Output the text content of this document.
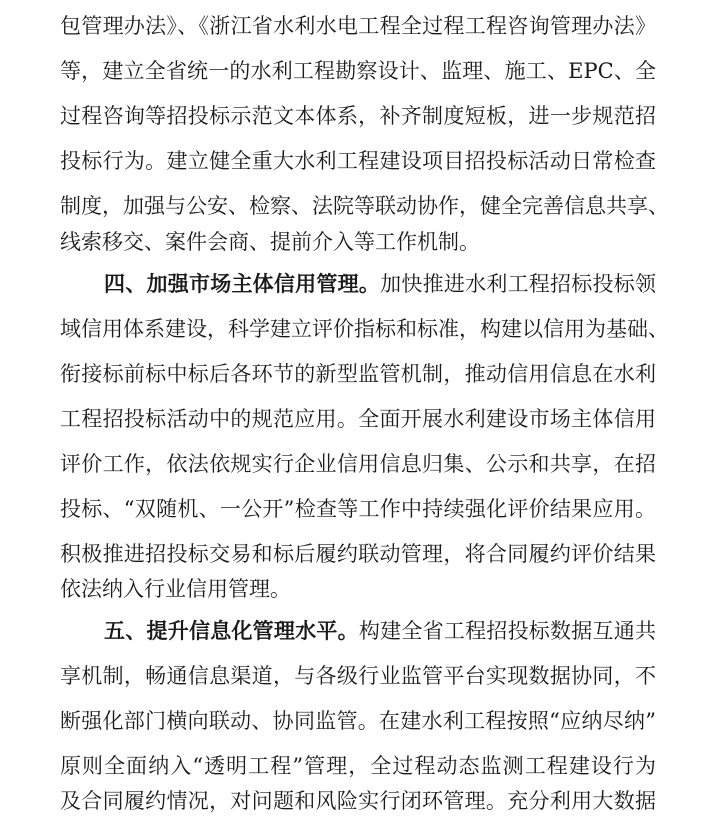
包管理办法》、《浙江省水利水电工程全过程工程咨询管理办法》
等，建立全省统一的水利工程勘察设计、监理、施工、EPC、全
过程咨询等招投标示范文本体系，补齐制度短板，进一步规范招
投标行为。建立健全重大水利工程建设项目招投标活动日常检查
制度，加强与公安、检察、法院等联动协作，健全完善信息共享、
线索移交、案件会商、提前介入等工作机制。
四、加强市场主体信用管理。加快推进水利工程招标投标领
域信用体系建设，科学建立评价指标和标准，构建以信用为基础、
衔接标前标中标后各环节的新型监管机制，推动信用信息在水利
工程招投标活动中的规范应用。全面开展水利建设市场主体信用
评价工作，依法依规实行企业信用信息归集、公示和共享，在招
投标、“双随机、一公开”检查等工作中持续强化评价结果应用。
积极推进招投标交易和标后履约联动管理，将合同履约评价结果
依法纳入行业信用管理。
五、提升信息化管理水平。构建全省工程招投标数据互通共
享机制，畅通信息渠道，与各级行业监管平台实现数据协同，不
断强化部门横向联动、协同监管。在建水利工程按照“应纳尽纳”
原则全面纳入“透明工程”管理，全过程动态监测工程建设行为
及合同履约情况，对问题和风险实行闭环管理。充分利用大数据
